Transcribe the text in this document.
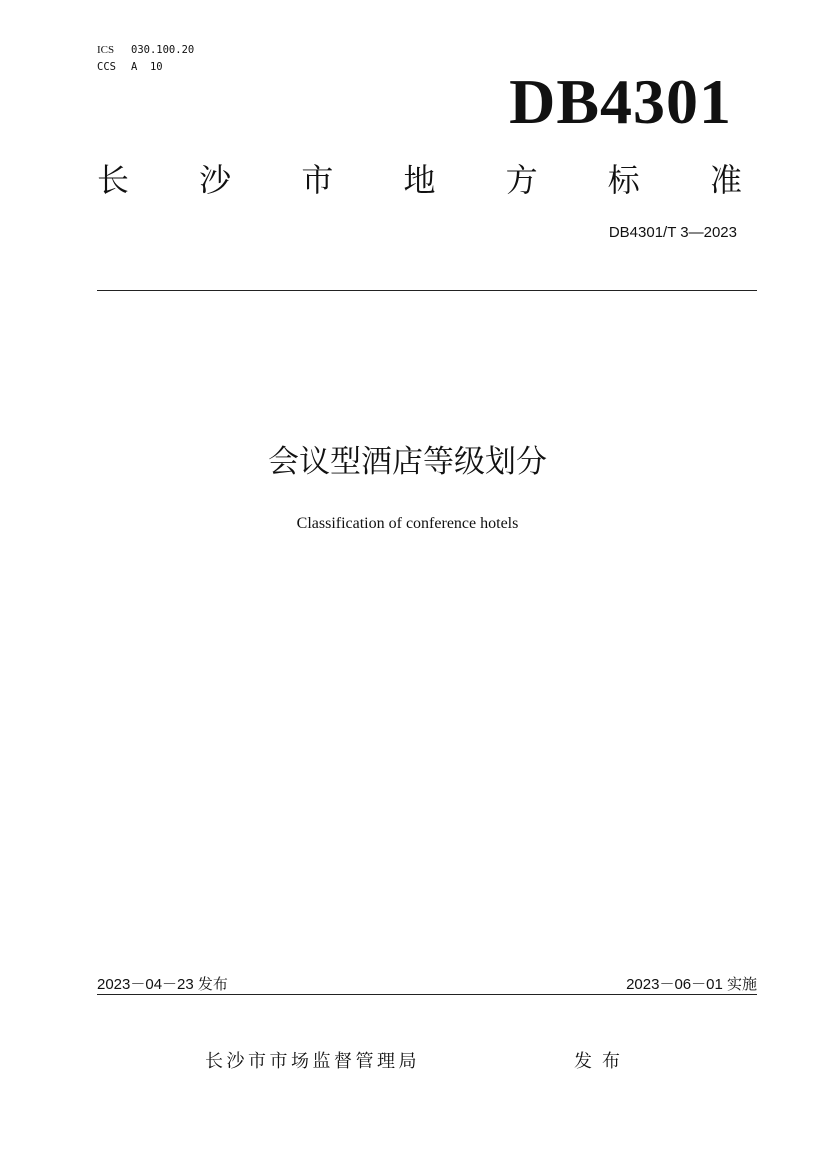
ICS	030.100.20
CCS	A  10	DB4301
长 沙 市 地 方 标 准
DB4301/T 3—2023
会议型酒店等级划分
Classification of conference hotels
2023－04－23 发布	2023－06－01 实施
长沙市市场监督管理局	发布
